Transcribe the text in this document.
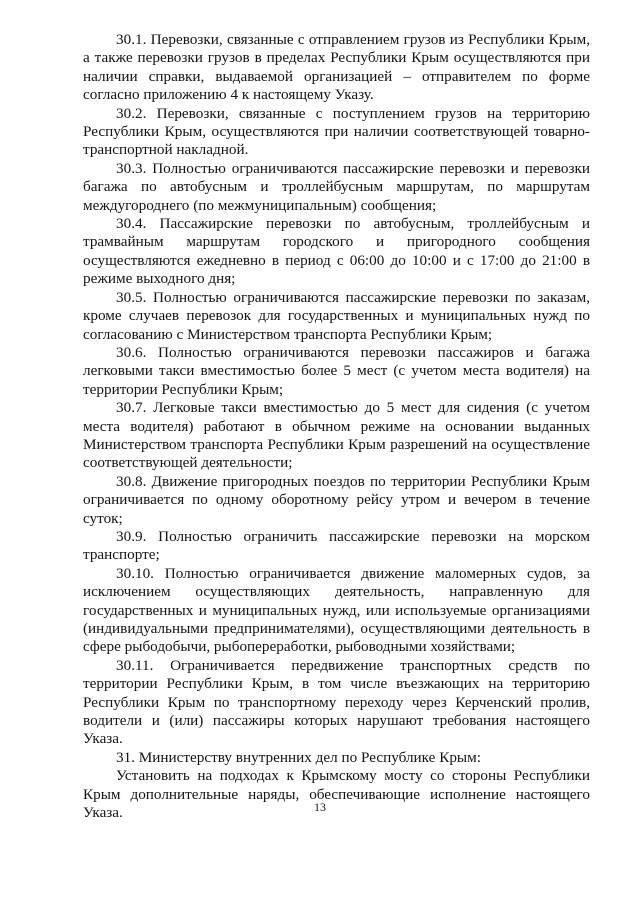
30.1. Перевозки, связанные с отправлением грузов из Республики Крым, а также перевозки грузов в пределах Республики Крым осуществляются при наличии справки, выдаваемой организацией – отправителем по форме согласно приложению 4 к настоящему Указу.

30.2. Перевозки, связанные с поступлением грузов на территорию Республики Крым, осуществляются при наличии соответствующей товарно-транспортной накладной.

30.3. Полностью ограничиваются пассажирские перевозки и перевозки багажа по автобусным и троллейбусным маршрутам, по маршрутам междугороднего (по межмуниципальным) сообщения;

30.4. Пассажирские перевозки по автобусным, троллейбусным и трамвайным маршрутам городского и пригородного сообщения осуществляются ежедневно в период с 06:00 до 10:00 и с 17:00 до 21:00 в режиме выходного дня;

30.5. Полностью ограничиваются пассажирские перевозки по заказам, кроме случаев перевозок для государственных и муниципальных нужд по согласованию с Министерством транспорта Республики Крым;

30.6. Полностью ограничиваются перевозки пассажиров и багажа легковыми такси вместимостью более 5 мест (с учетом места водителя) на территории Республики Крым;

30.7. Легковые такси вместимостью до 5 мест для сидения (с учетом места водителя) работают в обычном режиме на основании выданных Министерством транспорта Республики Крым разрешений на осуществление соответствующей деятельности;

30.8. Движение пригородных поездов по территории Республики Крым ограничивается по одному оборотному рейсу утром и вечером в течение суток;

30.9. Полностью ограничить пассажирские перевозки на морском транспорте;

30.10. Полностью ограничивается движение маломерных судов, за исключением осуществляющих деятельность, направленную для государственных и муниципальных нужд, или используемые организациями (индивидуальными предпринимателями), осуществляющими деятельность в сфере рыбодобычи, рыбопереработки, рыбоводными хозяйствами;

30.11. Ограничивается передвижение транспортных средств по территории Республики Крым, в том числе въезжающих на территорию Республики Крым по транспортному переходу через Керченский пролив, водители и (или) пассажиры которых нарушают требования настоящего Указа.

31. Министерству внутренних дел по Республике Крым:

Установить на подходах к Крымскому мосту со стороны Республики Крым дополнительные наряды, обеспечивающие исполнение настоящего Указа.	13
